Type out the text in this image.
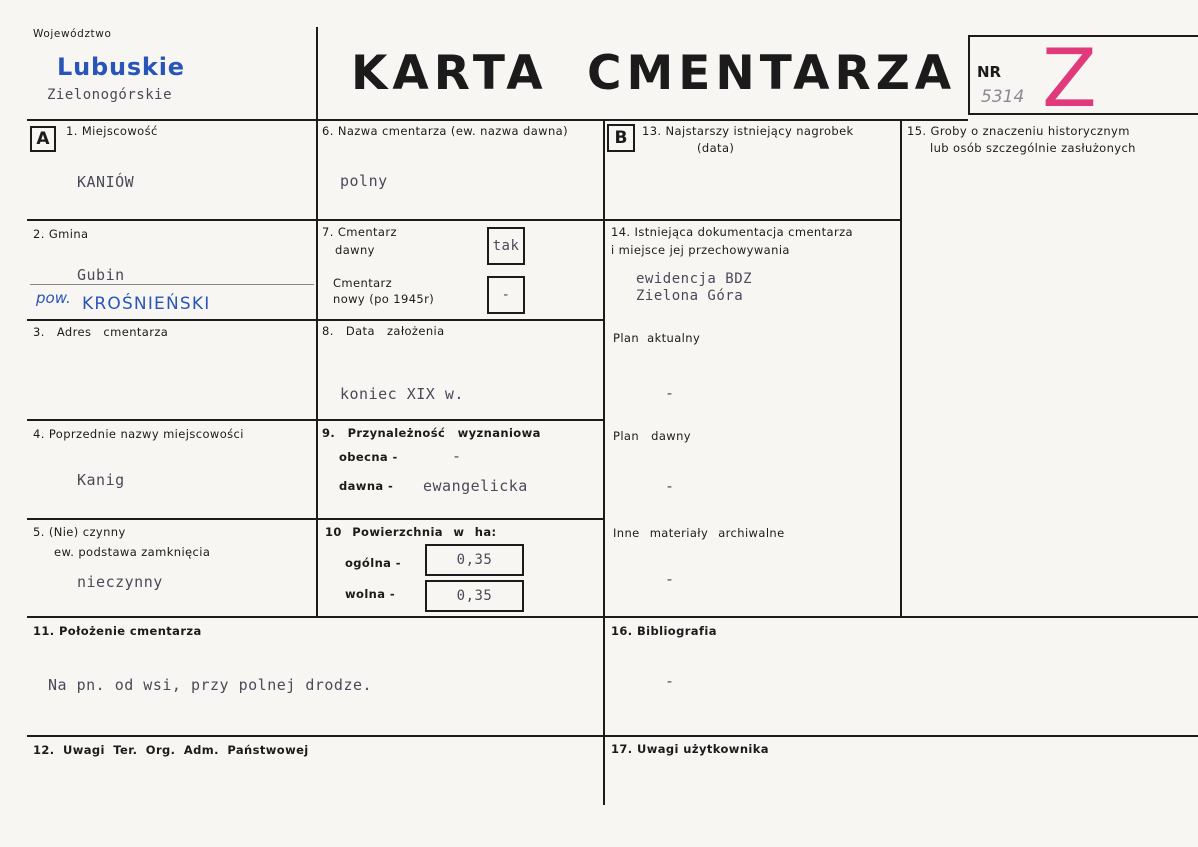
Województwo
Lubuskie
Zielonogórskie	KARTA CMENTARZA NR
5314 Z
A	B
1. Miejscowość
KANIÓW
2. Gmina
Gubin
pow. KROŚNIEŃSKI
3. Adres cmentarza
4. Poprzednie nazwy miejscowości
Kanig
5. (Nie) czynny
ew. podstawa zamknięcia
nieczynny
6. Nazwa cmentarza (ew. nazwa dawna)
polny
7. Cmentarz
dawny	tak
Cmentarz
nowy (po 1945r)	-
8. Data założenia
koniec XIX w.
9. Przynależność wyznaniowa
obecna -	-
dawna - ewangelicka
10 Powierzchnia w ha:
ogólna -	0,35
wolna -	0,35
13. Najstarszy istniejący nagrobek
(data)
14. Istniejąca dokumentacja cmentarza
i miejsce jej przechowywania
ewidencja BDZ
Zielona Góra
Plan aktualny
-
Plan dawny
-
Inne materiały archiwalne
-
15. Groby o znaczeniu historycznym
lub osób szczególnie zasłużonych
11. Położenie cmentarza
Na pn. od wsi, przy polnej drodze.
16. Bibliografia
-
12. Uwagi Ter. Org. Adm. Państwowej	17. Uwagi użytkownika
